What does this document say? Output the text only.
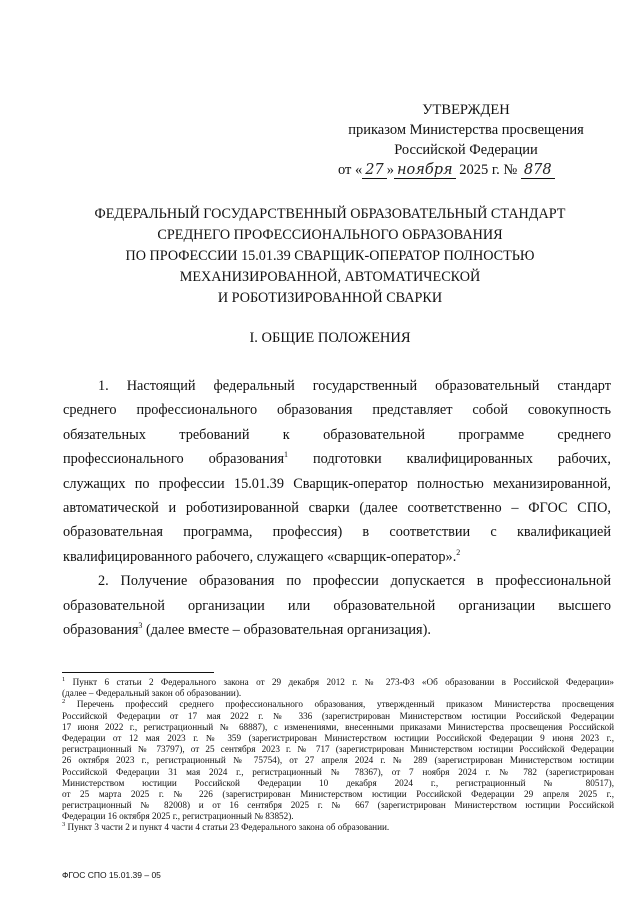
УТВЕРЖДЕН
приказом Министерства просвещения
Российской Федерации
от « 27 » ноября 2025 г. № 878
ФЕДЕРАЛЬНЫЙ ГОСУДАРСТВЕННЫЙ ОБРАЗОВАТЕЛЬНЫЙ СТАНДАРТ
СРЕДНЕГО ПРОФЕССИОНАЛЬНОГО ОБРАЗОВАНИЯ
ПО ПРОФЕССИИ 15.01.39 СВАРЩИК-ОПЕРАТОР ПОЛНОСТЬЮ
МЕХАНИЗИРОВАННОЙ, АВТОМАТИЧЕСКОЙ
И РОБОТИЗИРОВАННОЙ СВАРКИ
I. ОБЩИЕ ПОЛОЖЕНИЯ
1. Настоящий федеральный государственный образовательный стандарт
среднего профессионального образования представляет собой совокупность
обязательных требований к образовательной программе среднего
профессионального образования$^1$ подготовки квалифицированных рабочих,
служащих по профессии 15.01.39 Сварщик-оператор полностью механизированной,
автоматической и роботизированной сварки (далее соответственно – ФГОС СПО,
образовательная программа, профессия) в соответствии с квалификацией
квалифицированного рабочего, служащего «сварщик-оператор».$^2$
2. Получение образования по профессии допускается в профессиональной
образовательной организации или образовательной организации высшего
образования$^3$ (далее вместе – образовательная организация).
$^1$ Пункт 6 статьи 2 Федерального закона от 29 декабря 2012 г. № 273-ФЗ «Об образовании в Российской Федерации»
(далее – Федеральный закон об образовании).
$^2$ Перечень профессий среднего профессионального образования, утвержденный приказом Министерства просвещения
Российской Федерации от 17 мая 2022 г. № 336 (зарегистрирован Министерством юстиции Российской Федерации
17 июня 2022 г., регистрационный № 68887), с изменениями, внесенными приказами Министерства просвещения Российской
Федерации от 12 мая 2023 г. № 359 (зарегистрирован Министерством юстиции Российской Федерации 9 июня 2023 г.,
регистрационный № 73797), от 25 сентября 2023 г. № 717 (зарегистрирован Министерством юстиции Российской Федерации
26 октября 2023 г., регистрационный № 75754), от 27 апреля 2024 г. № 289 (зарегистрирован Министерством юстиции
Российской Федерации 31 мая 2024 г., регистрационный № 78367), от 7 ноября 2024 г. № 782 (зарегистрирован
Министерством юстиции Российской Федерации 10 декабря 2024 г., регистрационный № 80517),
от 25 марта 2025 г. № 226 (зарегистрирован Министерством юстиции Российской Федерации 29 апреля 2025 г.,
регистрационный № 82008) и от 16 сентября 2025 г. № 667 (зарегистрирован Министерством юстиции Российской
Федерации 16 октября 2025 г., регистрационный № 83852).
$^3$ Пункт 3 части 2 и пункт 4 части 4 статьи 23 Федерального закона об образовании.
ФГОС СПО 15.01.39 – 05
